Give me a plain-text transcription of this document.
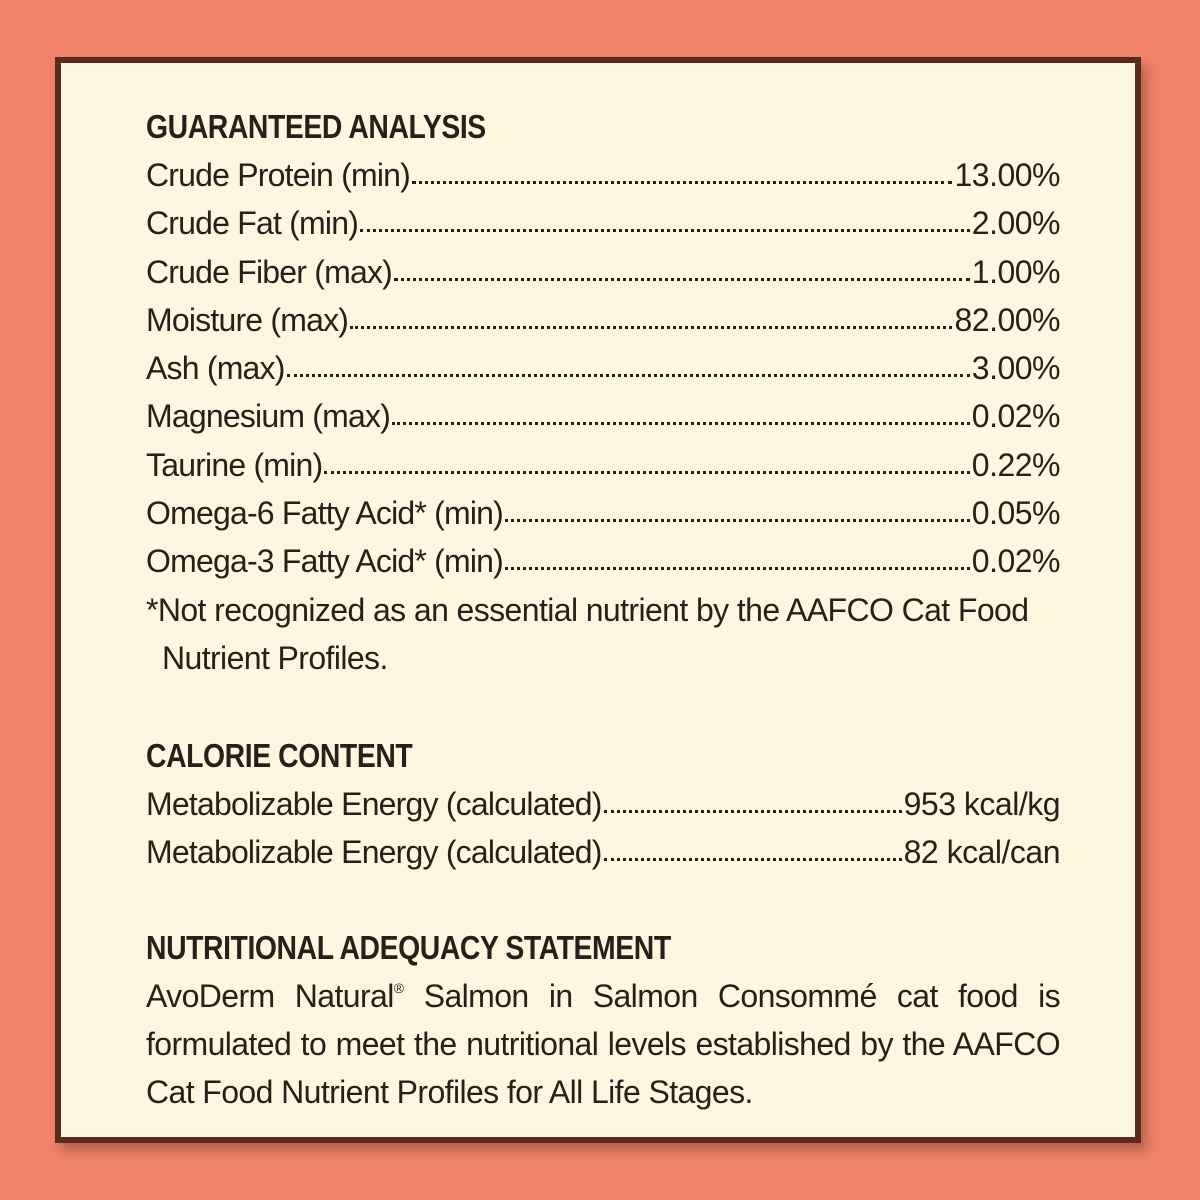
GUARANTEED ANALYSIS
Crude Protein (min)	13.00%
Crude Fat (min)	2.00%
Crude Fiber (max)	1.00%
Moisture (max)	82.00%
Ash (max)	3.00%
Magnesium (max)	0.02%
Taurine (min)	0.22%
Omega-6 Fatty Acid* (min)	0.05%
Omega-3 Fatty Acid* (min)	0.02%
*Not recognized as an essential nutrient by the AAFCO Cat Food
Nutrient Profiles.
CALORIE CONTENT
Metabolizable Energy (calculated)	953 kcal/kg
Metabolizable Energy (calculated)	82 kcal/can
NUTRITIONAL ADEQUACY STATEMENT
AvoDerm Natural® Salmon in Salmon Consommé cat food is formulated to meet the nutritional levels established by the AAFCO Cat Food Nutrient Profiles for All Life Stages.
